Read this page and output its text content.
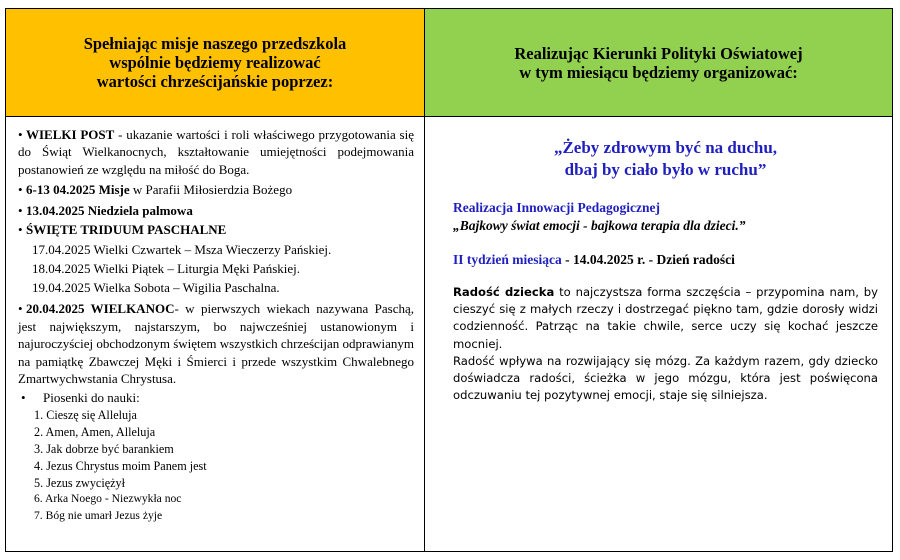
Spełniając misje naszego przedszkola
wspólnie będziemy realizować
wartości chrześcijańskie poprzez:
Realizując Kierunki Polityki Oświatowej
w tym miesiącu będziemy organizować:
• WIELKI POST - ukazanie wartości i roli właściwego przygotowania się do Świąt Wielkanocnych, kształtowanie umiejętności podejmowania postanowień ze względu na miłość do Boga.
• 6-13 04.2025 Misje w Parafii Miłosierdzia Bożego
• 13.04.2025 Niedziela palmowa
• ŚWIĘTE TRIDUUM PASCHALNE
17.04.2025 Wielki Czwartek – Msza Wieczerzy Pańskiej.
18.04.2025 Wielki Piątek – Liturgia Męki Pańskiej.
19.04.2025 Wielka Sobota – Wigilia Paschalna.
• 20.04.2025 WIELKANOC- w pierwszych wiekach nazywana Paschą, jest największym, najstarszym, bo najwcześniej ustanowionym i najuroczyściej obchodzonym świętem wszystkich chrześcijan odprawianym na pamiątkę Zbawczej Męki i Śmierci i przede wszystkim Chwalebnego Zmartwychwstania Chrystusa.
• Piosenki do nauki:
1. Cieszę się Alleluja
2. Amen, Amen, Alleluja
3. Jak dobrze być barankiem
4. Jezus Chrystus moim Panem jest
5. Jezus zwyciężył
6. Arka Noego - Niezwykła noc
7. Bóg nie umarł Jezus żyje
„Żeby zdrowym być na duchu,
dbaj by ciało było w ruchu”
Realizacja Innowacji Pedagogicznej
„Bajkowy świat emocji - bajkowa terapia dla dzieci.”
II tydzień miesiąca - 14.04.2025 r. - Dzień radości
Radość dziecka to najczystsza forma szczęścia – przypomina nam, by cieszyć się z małych rzeczy i dostrzegać piękno tam, gdzie dorosły widzi codzienność. Patrząc na takie chwile, serce uczy się kochać jeszcze mocniej.
Radość wpływa na rozwijający się mózg. Za każdym razem, gdy dziecko doświadcza radości, ścieżka w jego mózgu, która jest poświęcona odczuwaniu tej pozytywnej emocji, staje się silniejsza.
